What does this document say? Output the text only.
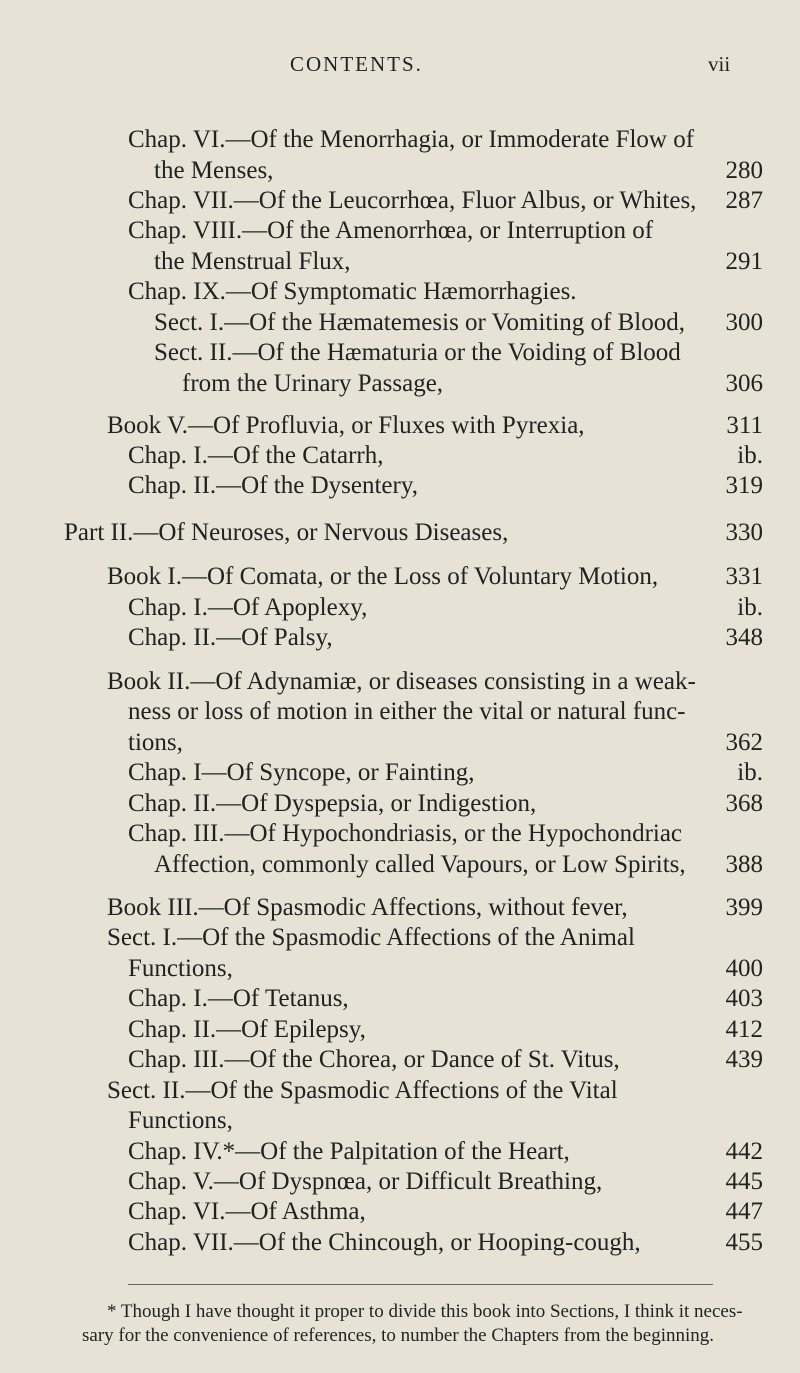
CONTENTS.	vii
Chap. VI.—Of the Menorrhagia, or Immoderate Flow of
the Menses,	280
Chap. VII.—Of the Leucorrhœa, Fluor Albus, or Whites, 287
Chap. VIII.—Of the Amenorrhœa, or Interruption of
the Menstrual Flux,	291
Chap. IX.—Of Symptomatic Hæmorrhagies.
Sect. I.—Of the Hæmatemesis or Vomiting of Blood, 300
Sect. II.—Of the Hæmaturia or the Voiding of Blood
from the Urinary Passage,	306
Book V.—Of Profluvia, or Fluxes with Pyrexia,	311
Chap. I.—Of the Catarrh,	ib.
Chap. II.—Of the Dysentery,	319
Part II.—Of Neuroses, or Nervous Diseases,	330
Book I.—Of Comata, or the Loss of Voluntary Motion,	331
Chap. I.—Of Apoplexy,	ib.
Chap. II.—Of Palsy,	348
Book II.—Of Adynamiæ, or diseases consisting in a weak-
ness or loss of motion in either the vital or natural func-
tions,	362
Chap. I—Of Syncope, or Fainting,	ib.
Chap. II.—Of Dyspepsia, or Indigestion,	368
Chap. III.—Of Hypochondriasis, or the Hypochondriac
Affection, commonly called Vapours, or Low Spirits, 388
Book III.—Of Spasmodic Affections, without fever,	399
Sect. I.—Of the Spasmodic Affections of the Animal
Functions,	400
Chap. I.—Of Tetanus,	403
Chap. II.—Of Epilepsy,	412
Chap. III.—Of the Chorea, or Dance of St. Vitus,	439
Sect. II.—Of the Spasmodic Affections of the Vital
Functions,
Chap. IV.*—Of the Palpitation of the Heart,	442
Chap. V.—Of Dyspnœa, or Difficult Breathing,	445
Chap. VI.—Of Asthma,	447
Chap. VII.—Of the Chincough, or Hooping-cough,	455
* Though I have thought it proper to divide this book into Sections, I think it neces-
sary for the convenience of references, to number the Chapters from the beginning.
